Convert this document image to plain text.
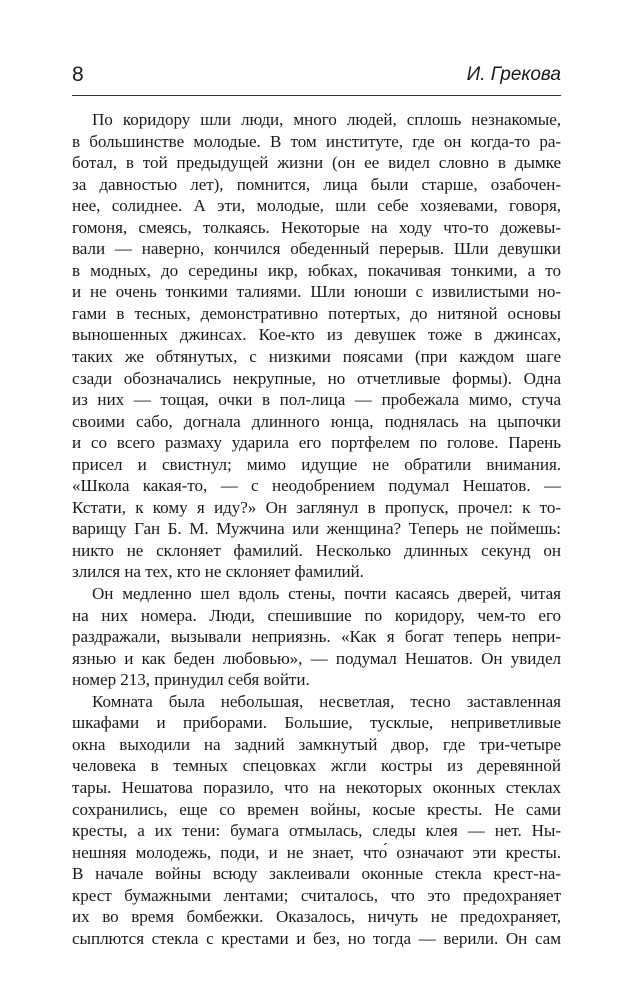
8	И. Грекова
По коридору шли люди, много людей, сплошь незнакомые,
в большинстве молодые. В том институте, где он когда-то ра-
ботал, в той предыдущей жизни (он ее видел словно в дымке
за давностью лет), помнится, лица были старше, озабочен-
нее, солиднее. А эти, молодые, шли себе хозяевами, говоря,
гомоня, смеясь, толкаясь. Некоторые на ходу что-то дожевы-
вали — наверно, кончился обеденный перерыв. Шли девушки
в модных, до середины икр, юбках, покачивая тонкими, а то
и не очень тонкими талиями. Шли юноши с извилистыми но-
гами в тесных, демонстративно потертых, до нитяной основы
выношенных джинсах. Кое-кто из девушек тоже в джинсах,
таких же обтянутых, с низкими поясами (при каждом шаге
сзади обозначались некрупные, но отчетливые формы). Одна
из них — тощая, очки в пол-лица — пробежала мимо, стуча
своими сабо, догнала длинного юнца, поднялась на цыпочки
и со всего размаху ударила его портфелем по голове. Парень
присел и свистнул; мимо идущие не обратили внимания.
«Школа какая-то, — с неодобрением подумал Нешатов. —
Кстати, к кому я иду?» Он заглянул в пропуск, прочел: к то-
варищу Ган Б. М. Мужчина или женщина? Теперь не поймешь:
никто не склоняет фамилий. Несколько длинных секунд он
злился на тех, кто не склоняет фамилий.
Он медленно шел вдоль стены, почти касаясь дверей, читая
на них номера. Люди, спешившие по коридору, чем-то его
раздражали, вызывали неприязнь. «Как я богат теперь непри-
язнью и как беден любовью», — подумал Нешатов. Он увидел
номер 213, принудил себя войти.
Комната была небольшая, несветлая, тесно заставленная
шкафами и приборами. Большие, тусклые, неприветливые
окна выходили на задний замкнутый двор, где три-четыре
человека в темных спецовках жгли костры из деревянной
тары. Нешатова поразило, что на некоторых оконных стеклах
сохранились, еще со времен войны, косые кресты. Не сами
кресты, а их тени: бумага отмылась, следы клея — нет. Ны-
нешняя молодежь, поди, и не знает, что́ означают эти кресты.
В начале войны всюду заклеивали оконные стекла крест-на-
крест бумажными лентами; считалось, что это предохраняет
их во время бомбежки. Оказалось, ничуть не предохраняет,
сыплются стекла с крестами и без, но тогда — верили. Он сам
